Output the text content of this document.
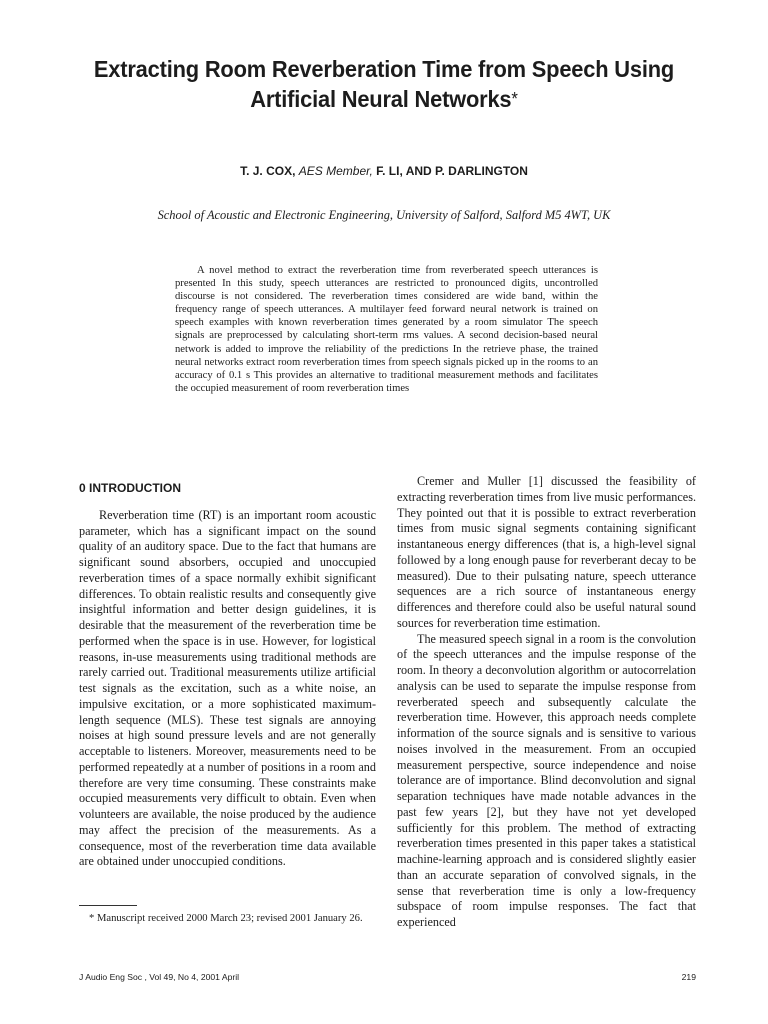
Extracting Room Reverberation Time from Speech Using Artificial Neural Networks*
T. J. COX, AES Member, F. LI, AND P. DARLINGTON
School of Acoustic and Electronic Engineering, University of Salford, Salford M5 4WT, UK

A novel method to extract the reverberation time from reverberated speech utterances is presented In this study, speech utterances are restricted to pronounced digits, uncontrolled discourse is not considered. The reverberation times considered are wide band, within the frequency range of speech utterances. A multilayer feed forward neural network is trained on speech examples with known reverberation times generated by a room simulator The speech signals are preprocessed by calculating short-term rms values. A second decision-based neural network is added to improve the reliability of the predictions In the retrieve phase, the trained neural networks extract room reverberation times from speech signals picked up in the rooms to an accuracy of 0.1 s This provides an alternative to traditional measurement methods and facilitates the occupied measurement of room reverberation times

0 INTRODUCTION

Reverberation time (RT) is an important room acoustic parameter, which has a significant impact on the sound quality of an auditory space. Due to the fact that humans are significant sound absorbers, occupied and unoccupied reverberation times of a space normally exhibit significant differences. To obtain realistic results and consequently give insightful information and better design guidelines, it is desirable that the measurement of the reverberation time be performed when the space is in use. However, for logistical reasons, in-use measurements using traditional methods are rarely carried out. Traditional measurements utilize artificial test signals as the excitation, such as a white noise, an impulsive excitation, or a more sophisticated maximum-length sequence (MLS). These test signals are annoying noises at high sound pressure levels and are not generally acceptable to listeners. Moreover, measurements need to be performed repeatedly at a number of positions in a room and therefore are very time consuming. These constraints make occupied measurements very difficult to obtain. Even when volunteers are available, the noise produced by the audience may affect the precision of the measurements. As a consequence, most of the reverberation time data available are obtained under unoccupied conditions.

Cremer and Muller [1] discussed the feasibility of extracting reverberation times from live music performances. They pointed out that it is possible to extract reverberation times from music signal segments containing significant instantaneous energy differences (that is, a high-level signal followed by a long enough pause for reverberant decay to be measured). Due to their pulsating nature, speech utterance sequences are a rich source of instantaneous energy differences and therefore could also be useful natural sound sources for reverberation time estimation.

The measured speech signal in a room is the convolution of the speech utterances and the impulse response of the room. In theory a deconvolution algorithm or autocorrelation analysis can be used to separate the impulse response from reverberated speech and subsequently calculate the reverberation time. However, this approach needs complete information of the source signals and is sensitive to various noises involved in the measurement. From an occupied measurement perspective, source independence and noise tolerance are of importance. Blind deconvolution and signal separation techniques have made notable advances in the past few years [2], but they have not yet developed sufficiently for this problem. The method of extracting reverberation times presented in this paper takes a statistical machine-learning approach and is considered slightly easier than an accurate separation of convolved signals, in the sense that reverberation time is only a low-frequency subspace of room impulse responses. The fact that experienced

* Manuscript received 2000 March 23; revised 2001 January 26.

J Audio Eng Soc , Vol 49, No 4, 2001 April	219
